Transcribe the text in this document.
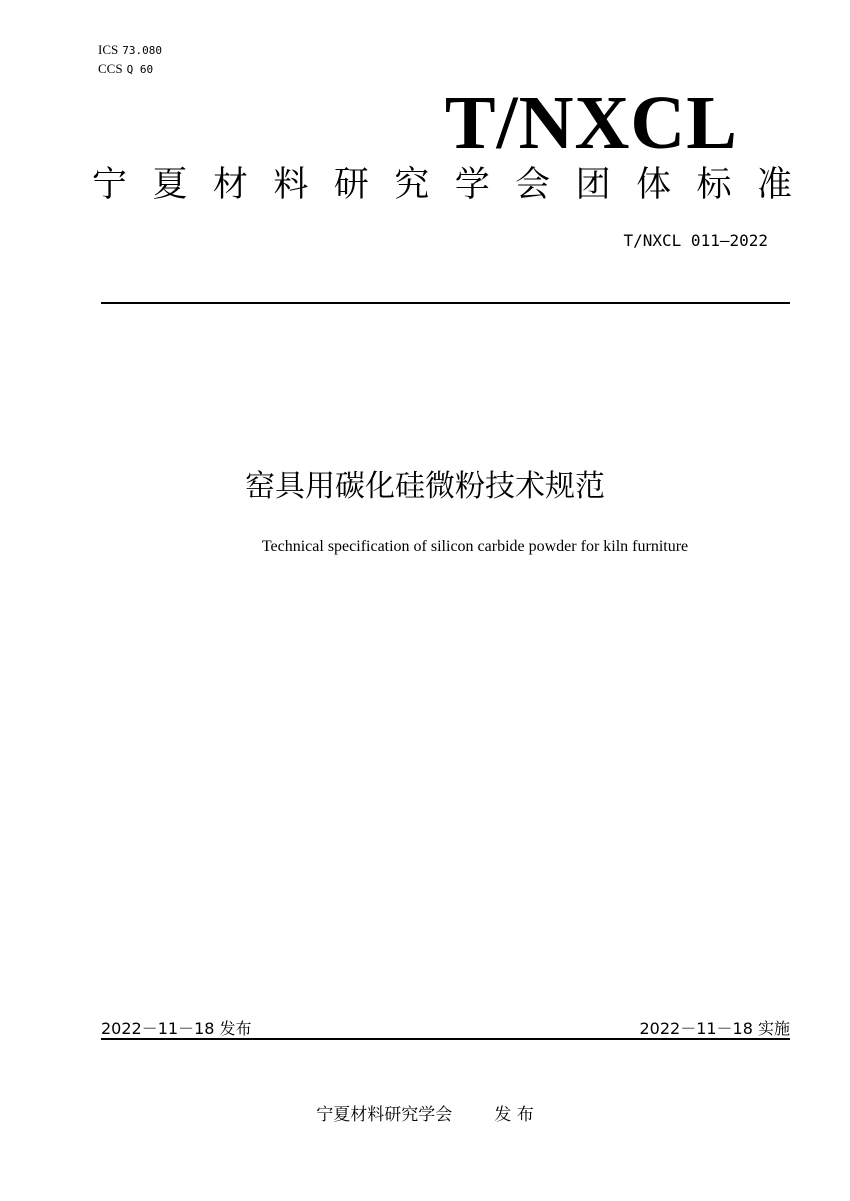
ICS 73.080
CCS Q 60
T/NXCL
宁 夏 材 料 研 究 学 会 团 体 标 准
T/NXCL 011—2022
窑具用碳化硅微粉技术规范
Technical specification of silicon carbide powder for kiln furniture
2022－11－18 发布	2022－11－18 实施
宁夏材料研究学会 发 布
